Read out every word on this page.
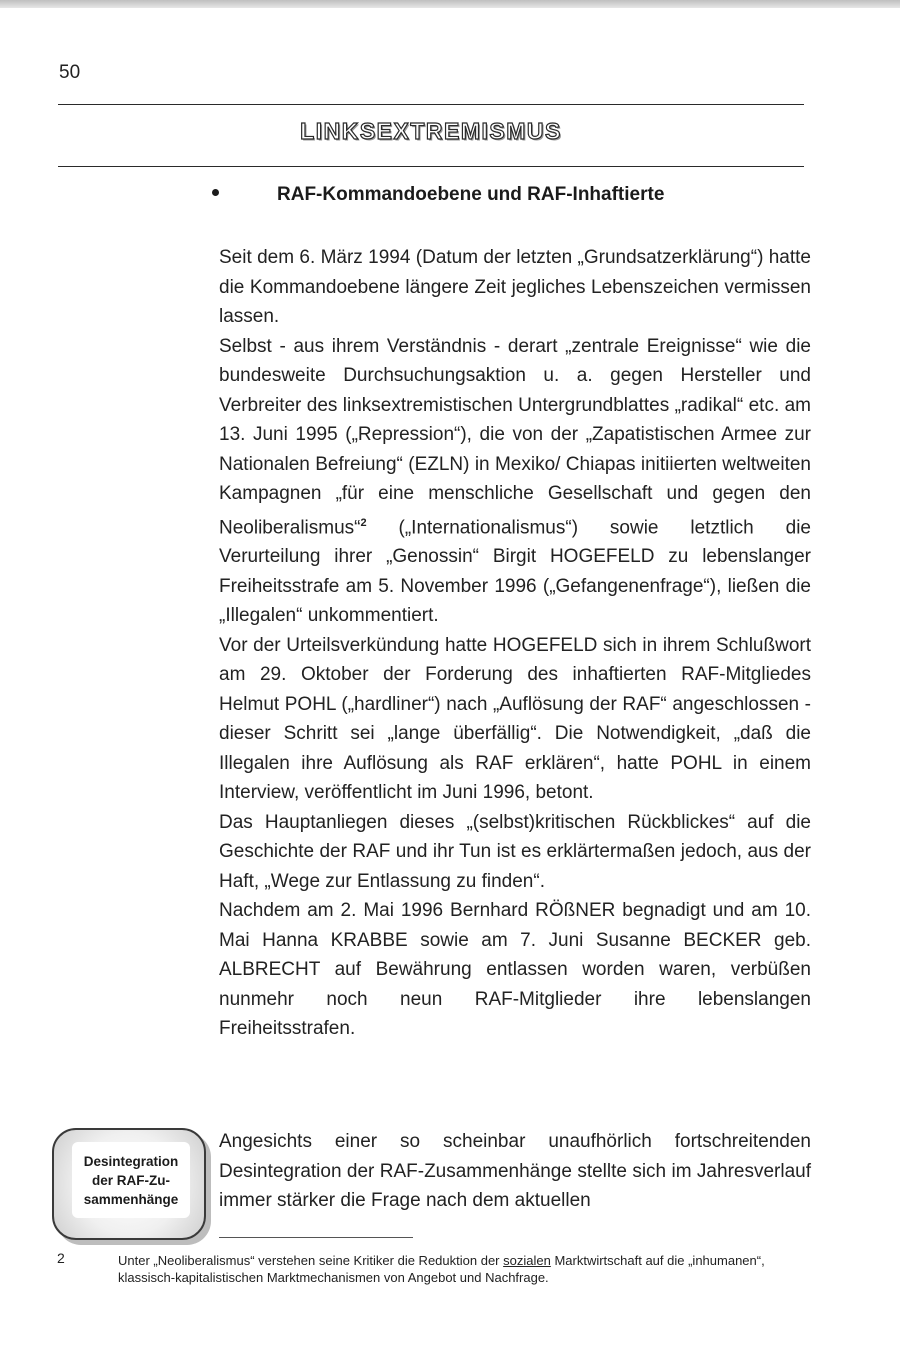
50
LINKSEXTREMISMUS
RAF-Kommandoebene und RAF-Inhaftierte

Seit dem 6. März 1994 (Datum der letzten „Grundsatzerklärung“) hatte die Kommandoebene längere Zeit jegliches Lebenszeichen vermissen lassen.

Selbst - aus ihrem Verständnis - derart „zentrale Ereignisse“ wie die bundesweite Durchsuchungsaktion u. a. gegen Hersteller und Verbreiter des linksextremistischen Untergrundblattes „radikal“ etc. am 13. Juni 1995 („Repression“), die von der „Zapatistischen Armee zur Nationalen Befreiung“ (EZLN) in Mexiko/ Chiapas initiierten weltweiten Kampagnen „für eine menschliche Gesellschaft und gegen den Neoliberalismus“$^2$ („Internationalismus“) sowie letztlich die Verurteilung ihrer „Genossin“ Birgit HOGEFELD zu lebenslanger Freiheitsstrafe am 5. November 1996 („Gefangenenfrage“), ließen die „Illegalen“ unkommentiert.

Vor der Urteilsverkündung hatte HOGEFELD sich in ihrem Schlußwort am 29. Oktober der Forderung des inhaftierten RAF-Mitgliedes Helmut POHL („hardliner“) nach „Auflösung der RAF“ angeschlossen - dieser Schritt sei „lange überfällig“. Die Notwendigkeit, „daß die Illegalen ihre Auflösung als RAF erklären“, hatte POHL in einem Interview, veröffentlicht im Juni 1996, betont.

Das Hauptanliegen dieses „(selbst)kritischen Rückblickes“ auf die Geschichte der RAF und ihr Tun ist es erklärtermaßen jedoch, aus der Haft, „Wege zur Entlassung zu finden“.

Nachdem am 2. Mai 1996 Bernhard RÖßNER begnadigt und am 10. Mai Hanna KRABBE sowie am 7. Juni Susanne BECKER geb. ALBRECHT auf Bewährung entlassen worden waren, verbüßen nunmehr noch neun RAF-Mitglieder ihre lebenslangen Freiheitsstrafen.

Desintegration
der RAF-Zu-
sammenhänge
Angesichts einer so scheinbar unaufhörlich fortschreitenden Desintegration der RAF-Zusammenhänge stellte sich im Jahresverlauf immer stärker die Frage nach dem aktuellen
2	Unter „Neoliberalismus“ verstehen seine Kritiker die Reduktion der sozialen Marktwirtschaft auf die „inhumanen“, klassisch-kapitalistischen Marktmechanismen von Angebot und Nachfrage.
